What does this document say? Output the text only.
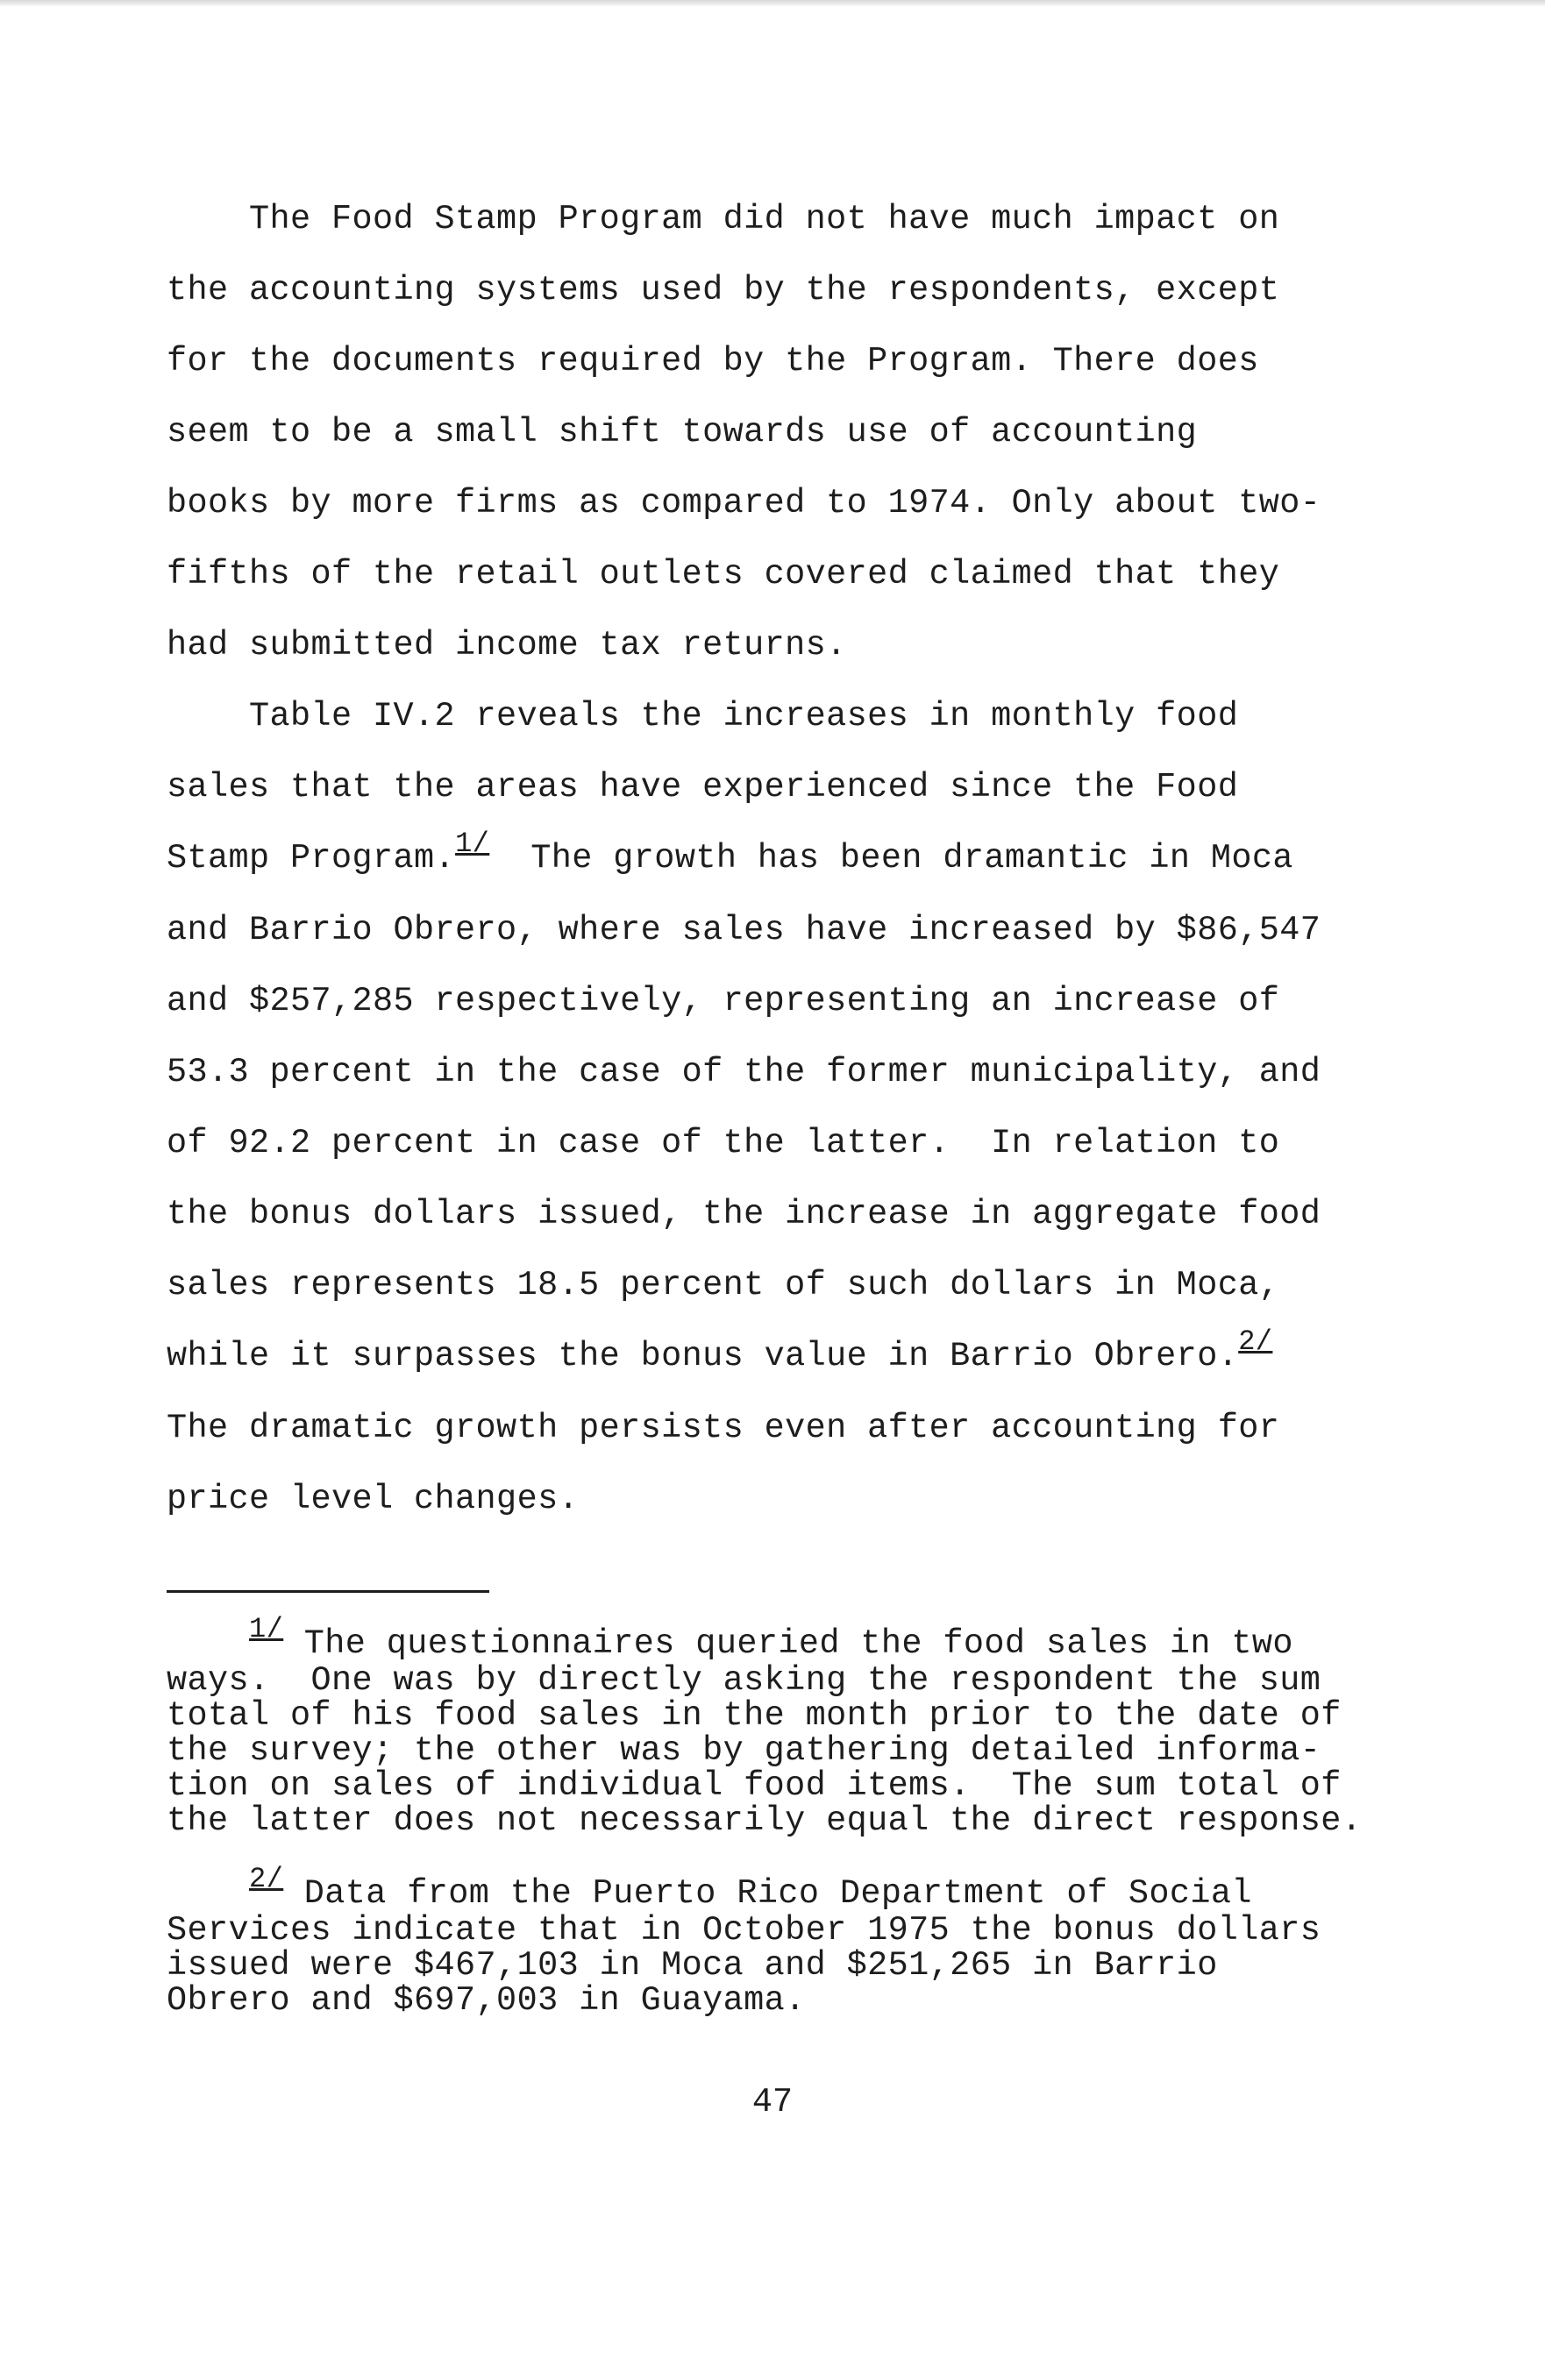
The Food Stamp Program did not have much impact on

the accounting systems used by the respondents, except

for the documents required by the Program. There does

seem to be a small shift towards use of accounting

books by more firms as compared to 1974. Only about two-

fifths of the retail outlets covered claimed that they

had submitted income tax returns.

Table IV.2 reveals the increases in monthly food

sales that the areas have experienced since the Food

Stamp Program.$^{1/}$  The growth has been dramantic in Moca

and Barrio Obrero, where sales have increased by $86,547

and $257,285 respectively, representing an increase of

53.3 percent in the case of the former municipality, and

of 92.2 percent in case of the latter.  In relation to

the bonus dollars issued, the increase in aggregate food

sales represents 18.5 percent of such dollars in Moca,

while it surpasses the bonus value in Barrio Obrero.$^{2/}$

The dramatic growth persists even after accounting for

price level changes.

$^{1/}$ The questionnaires queried the food sales in two

ways.  One was by directly asking the respondent the sum

total of his food sales in the month prior to the date of

the survey; the other was by gathering detailed informa-

tion on sales of individual food items.  The sum total of

the latter does not necessarily equal the direct response.

$^{2/}$ Data from the Puerto Rico Department of Social

Services indicate that in October 1975 the bonus dollars

issued were $467,103 in Moca and $251,265 in Barrio

Obrero and $697,003 in Guayama.

47
